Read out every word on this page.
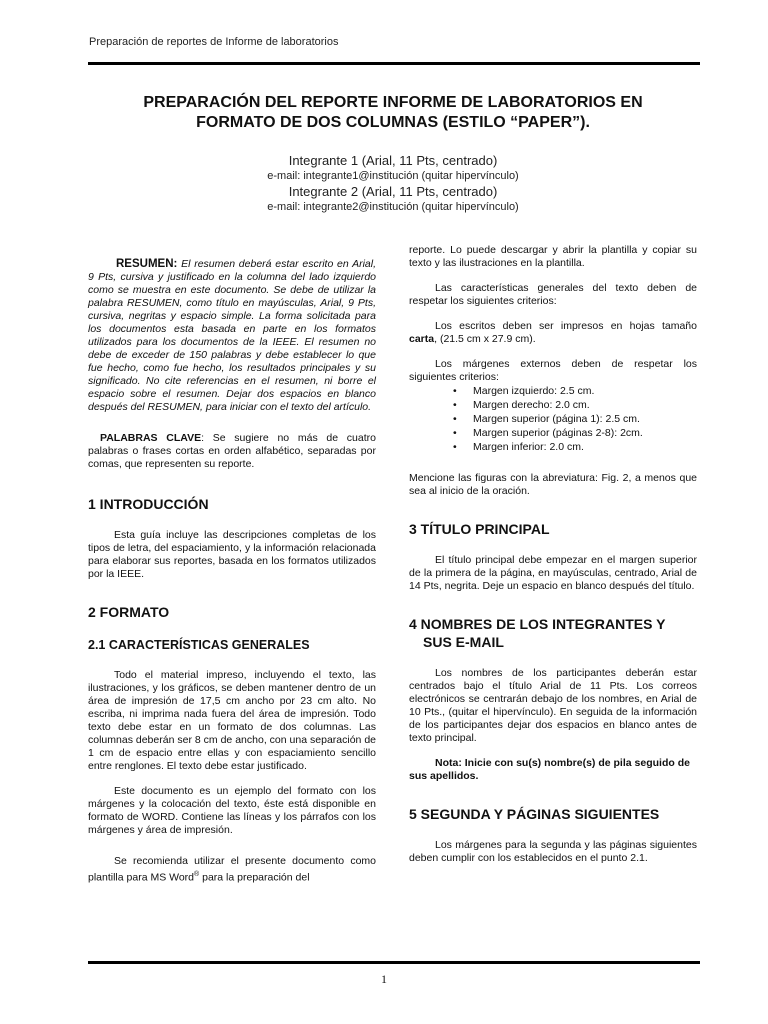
Preparación de reportes de Informe de laboratorios
PREPARACIÓN DEL REPORTE INFORME DE LABORATORIOS EN
FORMATO DE DOS COLUMNAS (ESTILO “PAPER”).
Integrante 1 (Arial, 11 Pts, centrado)
e-mail: integrante1@institución (quitar hipervínculo)
Integrante 2 (Arial, 11 Pts, centrado)
e-mail: integrante2@institución (quitar hipervínculo)

RESUMEN: El resumen deberá estar escrito en Arial, 9 Pts, cursiva y justificado en la columna del lado izquierdo como se muestra en este documento. Se debe de utilizar la palabra RESUMEN, como título en mayúsculas, Arial, 9 Pts, cursiva, negritas y espacio simple. La forma solicitada para los documentos esta basada en parte en los formatos utilizados para los documentos de la IEEE. El resumen no debe de exceder de 150 palabras y debe establecer lo que fue hecho, como fue hecho, los resultados principales y su significado. No cite referencias en el resumen, ni borre el espacio sobre el resumen. Dejar dos espacios en blanco después del RESUMEN, para iniciar con el texto del artículo.

PALABRAS CLAVE: Se sugiere no más de cuatro palabras o frases cortas en orden alfabético, separadas por comas, que representen su reporte.

1 INTRODUCCIÓN

Esta guía incluye las descripciones completas de los tipos de letra, del espaciamiento, y la información relacionada para elaborar sus reportes, basada en los formatos utilizados por la IEEE.

2 FORMATO
2.1 CARACTERÍSTICAS GENERALES

Todo el material impreso, incluyendo el texto, las ilustraciones, y los gráficos, se deben mantener dentro de un área de impresión de 17,5 cm ancho por 23 cm alto. No escriba, ni imprima nada fuera del área de impresión. Todo texto debe estar en un formato de dos columnas. Las columnas deberán ser 8 cm de ancho, con una separación de 1 cm de espacio entre ellas y con espaciamiento sencillo entre renglones. El texto debe estar justificado.

Este documento es un ejemplo del formato con los márgenes y la colocación del texto, éste está disponible en formato de WORD. Contiene las líneas y los párrafos con los márgenes y área de impresión.

Se recomienda utilizar el presente documento como plantilla para MS Word® para la preparación del

reporte. Lo puede descargar y abrir la plantilla y copiar su texto y las ilustraciones en la plantilla.

Las características generales del texto deben de respetar los siguientes criterios:

Los escritos deben ser impresos en hojas tamaño carta, (21.5 cm x 27.9 cm).

Los márgenes externos deben de respetar los siguientes criterios:

• Margen izquierdo: 2.5 cm.
• Margen derecho: 2.0 cm.
• Margen superior (página 1): 2.5 cm.
• Margen superior (páginas 2-8): 2cm.
• Margen inferior: 2.0 cm.

Mencione las figuras con la abreviatura: Fig. 2, a menos que sea al inicio de la oración.

3 TÍTULO PRINCIPAL

El título principal debe empezar en el margen superior de la primera de la página, en mayúsculas, centrado, Arial de 14 Pts, negrita. Deje un espacio en blanco después del título.

4 NOMBRES DE LOS INTEGRANTES Y SUS E-MAIL

Los nombres de los participantes deberán estar centrados bajo el título Arial de 11 Pts. Los correos electrónicos se centrarán debajo de los nombres, en Arial de 10 Pts., (quitar el hipervínculo). En seguida de la información de los participantes dejar dos espacios en blanco antes de texto principal.

Nota: Inicie con su(s) nombre(s) de pila seguido de sus apellidos.

5 SEGUNDA Y PÁGINAS SIGUIENTES

Los márgenes para la segunda y las páginas siguientes deben cumplir con los establecidos en el punto 2.1.

1
